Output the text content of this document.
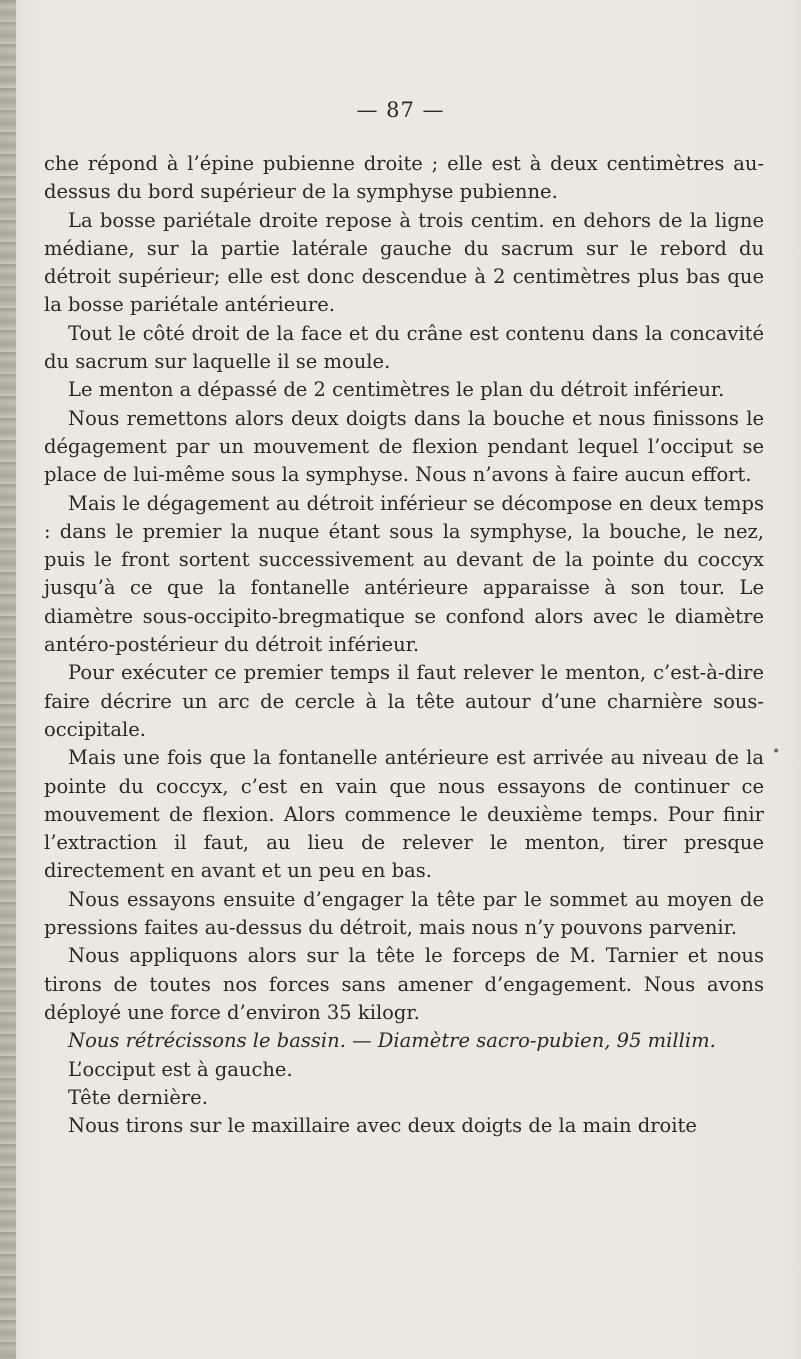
— 87 —

che répond à l’épine pubienne droite ; elle est à deux centimètres au-dessus du bord supérieur de la symphyse pubienne.

La bosse pariétale droite repose à trois centim. en dehors de la ligne médiane, sur la partie latérale gauche du sacrum sur le rebord du détroit supérieur; elle est donc descendue à 2 centimètres plus bas que la bosse pariétale antérieure.

Tout le côté droit de la face et du crâne est contenu dans la concavité du sacrum sur laquelle il se moule.

Le menton a dépassé de 2 centimètres le plan du détroit inférieur.

Nous remettons alors deux doigts dans la bouche et nous finissons le dégagement par un mouvement de flexion pendant lequel l’occiput se place de lui-même sous la symphyse. Nous n’avons à faire aucun effort.

Mais le dégagement au détroit inférieur se décompose en deux temps : dans le premier la nuque étant sous la symphyse, la bouche, le nez, puis le front sortent successivement au devant de la pointe du coccyx jusqu’à ce que la fontanelle antérieure apparaisse à son tour. Le diamètre sous-occipito-bregmatique se confond alors avec le diamètre antéro-postérieur du détroit inférieur.

Pour exécuter ce premier temps il faut relever le menton, c’est-à-dire faire décrire un arc de cercle à la tête autour d’une charnière sous-occipitale.

Mais une fois que la fontanelle antérieure est arrivée au niveau de la pointe du coccyx, c’est en vain que nous essayons de continuer ce mouvement de flexion. Alors commence le deuxième temps. Pour finir l’extraction il faut, au lieu de relever le menton, tirer presque directement en avant et un peu en bas.

Nous essayons ensuite d’engager la tête par le sommet au moyen de pressions faites au-dessus du détroit, mais nous n’y pouvons parvenir.

Nous appliquons alors sur la tête le forceps de M. Tarnier et nous tirons de toutes nos forces sans amener d’engagement. Nous avons déployé une force d’environ 35 kilogr.

Nous rétrécissons le bassin. — Diamètre sacro-pubien, 95 millim.

L’occiput est à gauche.

Tête dernière.

Nous tirons sur le maxillaire avec deux doigts de la main droite

•
